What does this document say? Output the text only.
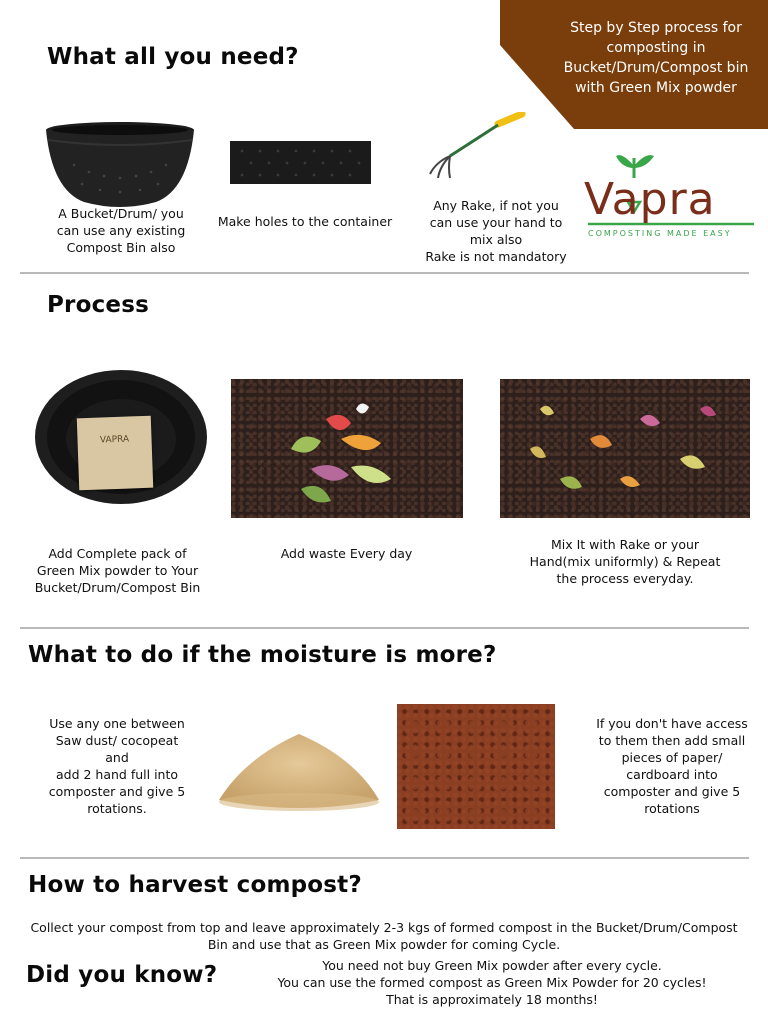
Step by Step process for
composting in
Bucket/Drum/Compost bin
with Green Mix powder
What all you need?
A Bucket/Drum/ you
can use any existing
Compost Bin also
Make holes to the container
Any Rake, if not you
can use your hand to
mix also
Rake is not mandatory
Vapra
COMPOSTING MADE EASY
Process
VAPRA
Add Complete pack of
Green Mix powder to Your
Bucket/Drum/Compost Bin
Add waste Every day
Mix It with Rake or your
Hand(mix uniformly) & Repeat
the process everyday.
What to do if the moisture is more?
Use any one between
Saw dust/ cocopeat
and
add 2 hand full into
composter and give 5
rotations.
If you don't have access
to them then add small
pieces of paper/
cardboard into
composter and give 5
rotations
How to harvest compost?
Collect your compost from top and leave approximately 2-3 kgs of formed compost in the Bucket/Drum/Compost
Bin and use that as Green Mix powder for coming Cycle.
Did you know?	You need not buy Green Mix powder after every cycle.
You can use the formed compost as Green Mix Powder for 20 cycles!
That is approximately 18 months!
